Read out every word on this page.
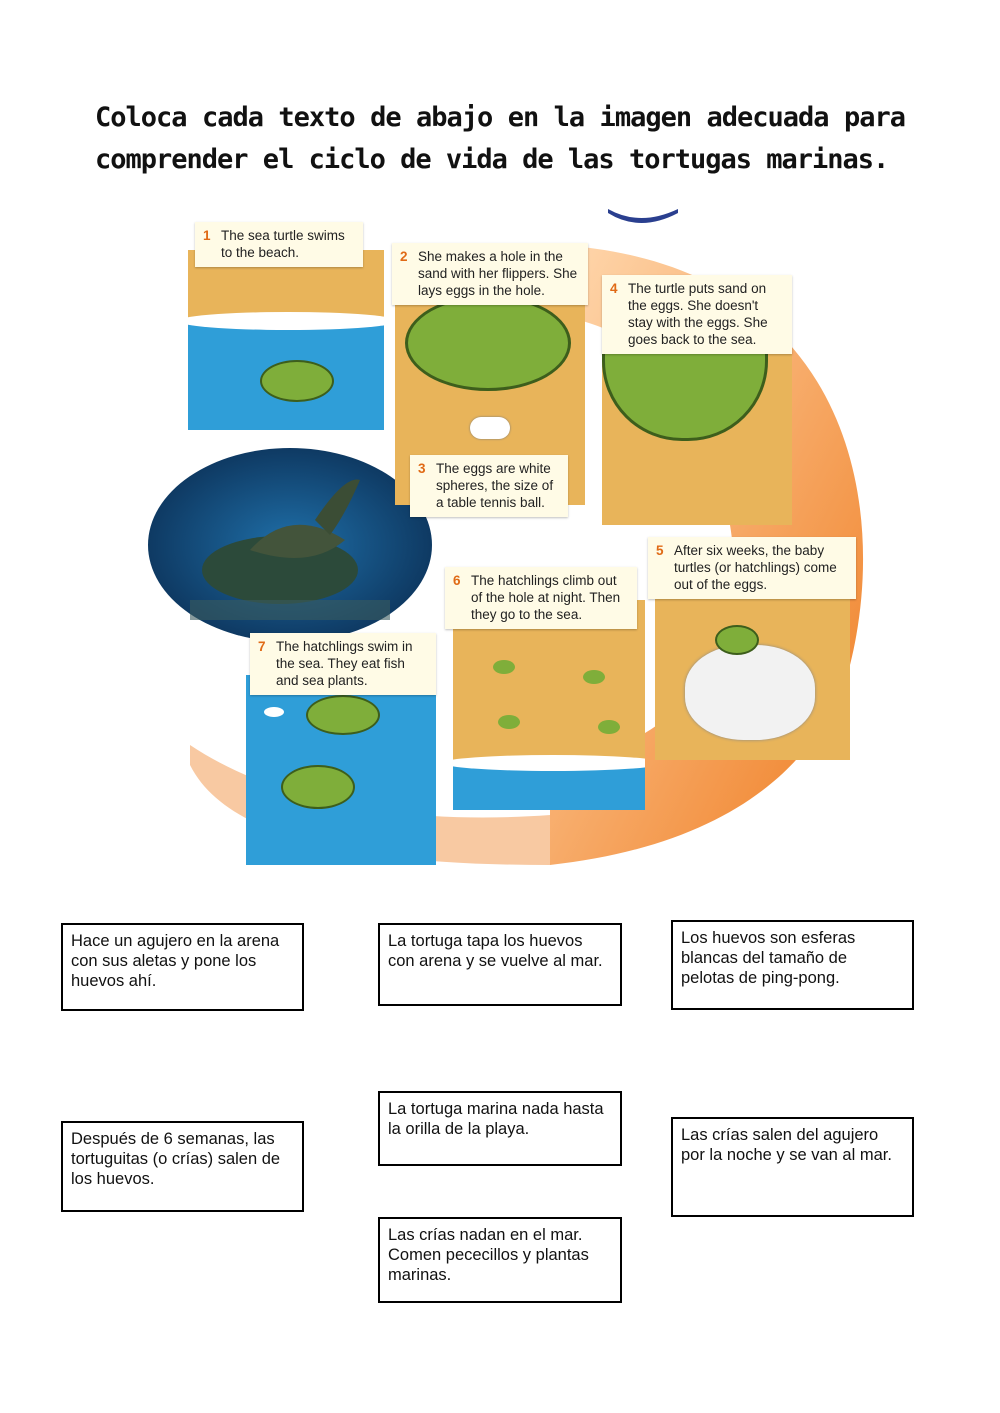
Coloca cada texto de abajo en la imagen adecuada para comprender el ciclo de vida de las tortugas marinas.

1 The sea turtle swims to the beach.	2 She makes a hole in the sand with her flippers. She lays eggs in the hole.	4 The turtle puts sand on the eggs. She doesn't stay with the eggs. She goes back to the sea.
3 The eggs are white spheres, the size of a table tennis ball.
5 After six weeks, the baby turtles (or hatchlings) come out of the eggs.
6 The hatchlings climb out of the hole at night. Then they go to the sea.
7 The hatchlings swim in the sea. They eat fish and sea plants.
Hace un agujero en la arena con sus aletas y pone los huevos ahí.
La tortuga tapa los huevos con arena y se vuelve al mar.
Los huevos son esferas blancas del tamaño de pelotas de ping-pong.
Después de 6 semanas, las tortuguitas (o crías) salen de los huevos.
La tortuga marina nada hasta la orilla de la playa.	Las crías salen del agujero por la noche y se van al mar.
Las crías nadan en el mar. Comen pececillos y plantas marinas.
